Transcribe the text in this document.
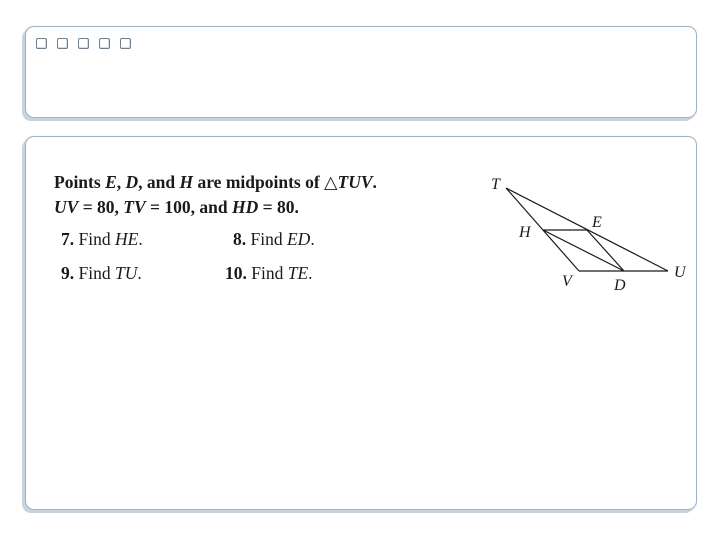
Points E, D, and H are midpoints of △TUV.
UV = 80, TV = 100, and HD = 80.
7. Find HE.	8. Find ED.
9. Find TU.	10. Find TE.
T
E
H
U
V	D
